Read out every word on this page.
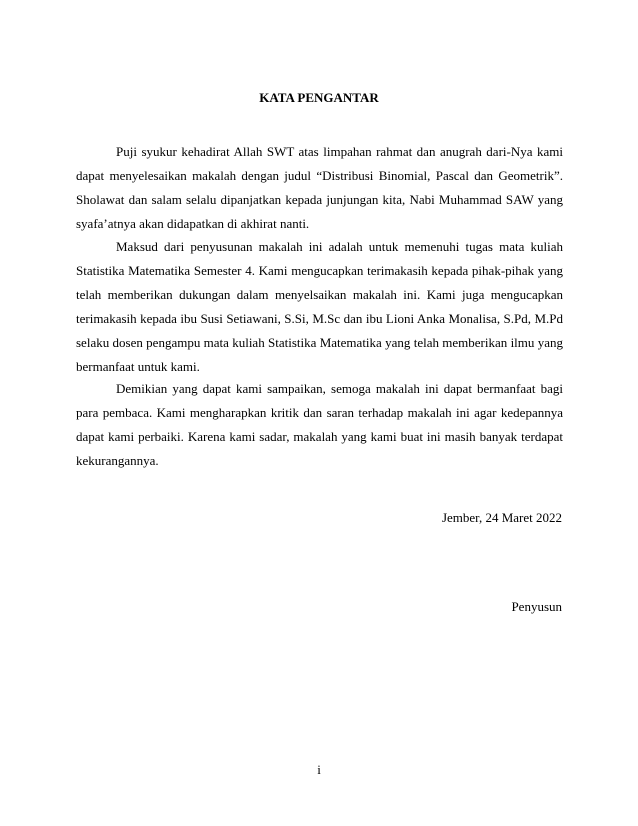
KATA PENGANTAR

Puji syukur kehadirat Allah SWT atas limpahan rahmat dan anugrah dari-Nya kami dapat menyelesaikan makalah dengan judul “Distribusi Binomial, Pascal dan Geometrik”. Sholawat dan salam selalu dipanjatkan kepada junjungan kita, Nabi Muhammad SAW yang syafa’atnya akan didapatkan di akhirat nanti.

Maksud dari penyusunan makalah ini adalah untuk memenuhi tugas mata kuliah Statistika Matematika Semester 4. Kami mengucapkan terimakasih kepada pihak-pihak yang telah memberikan dukungan dalam menyelsaikan makalah ini. Kami juga mengucapkan terimakasih kepada ibu Susi Setiawani, S.Si, M.Sc dan ibu Lioni Anka Monalisa, S.Pd, M.Pd selaku dosen pengampu mata kuliah Statistika Matematika yang telah memberikan ilmu yang bermanfaat untuk kami.

Demikian yang dapat kami sampaikan, semoga makalah ini dapat bermanfaat bagi para pembaca. Kami mengharapkan kritik dan saran terhadap makalah ini agar kedepannya dapat kami perbaiki. Karena kami sadar, makalah yang kami buat ini masih banyak terdapat kekurangannya.

Jember, 24 Maret 2022
Penyusun
i
